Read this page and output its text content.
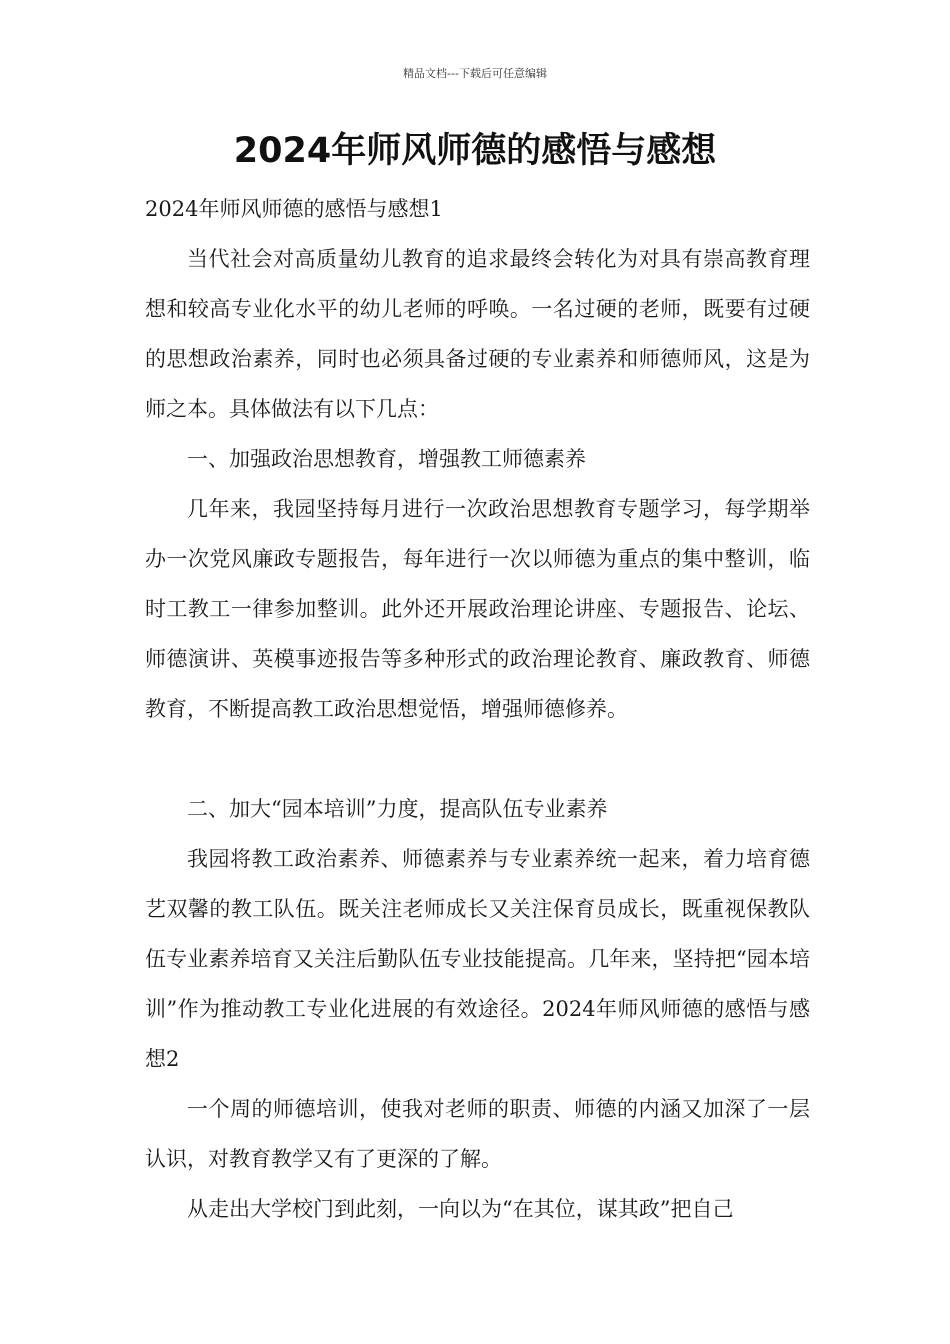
精品文档---下载后可任意编辑
2024年师风师德的感悟与感想

2024年师风师德的感悟与感想1

当代社会对高质量幼儿教育的追求最终会转化为对具有崇高教育理想和较高专业化水平的幼儿老师的呼唤。一名过硬的老师，既要有过硬的思想政治素养，同时也必须具备过硬的专业素养和师德师风，这是为师之本。具体做法有以下几点：

一、加强政治思想教育，增强教工师德素养

几年来，我园坚持每月进行一次政治思想教育专题学习，每学期举办一次党风廉政专题报告，每年进行一次以师德为重点的集中整训，临时工教工一律参加整训。此外还开展政治理论讲座、专题报告、论坛、师德演讲、英模事迹报告等多种形式的政治理论教育、廉政教育、师德教育，不断提高教工政治思想觉悟，增强师德修养。

二、加大“园本培训”力度，提高队伍专业素养

我园将教工政治素养、师德素养与专业素养统一起来，着力培育德艺双馨的教工队伍。既关注老师成长又关注保育员成长，既重视保教队伍专业素养培育又关注后勤队伍专业技能提高。几年来，坚持把“园本培训”作为推动教工专业化进展的有效途径。2024年师风师德的感悟与感想2

一个周的师德培训，使我对老师的职责、师德的内涵又加深了一层认识，对教育教学又有了更深的了解。

从走出大学校门到此刻，一向以为“在其位，谋其政”把自己
